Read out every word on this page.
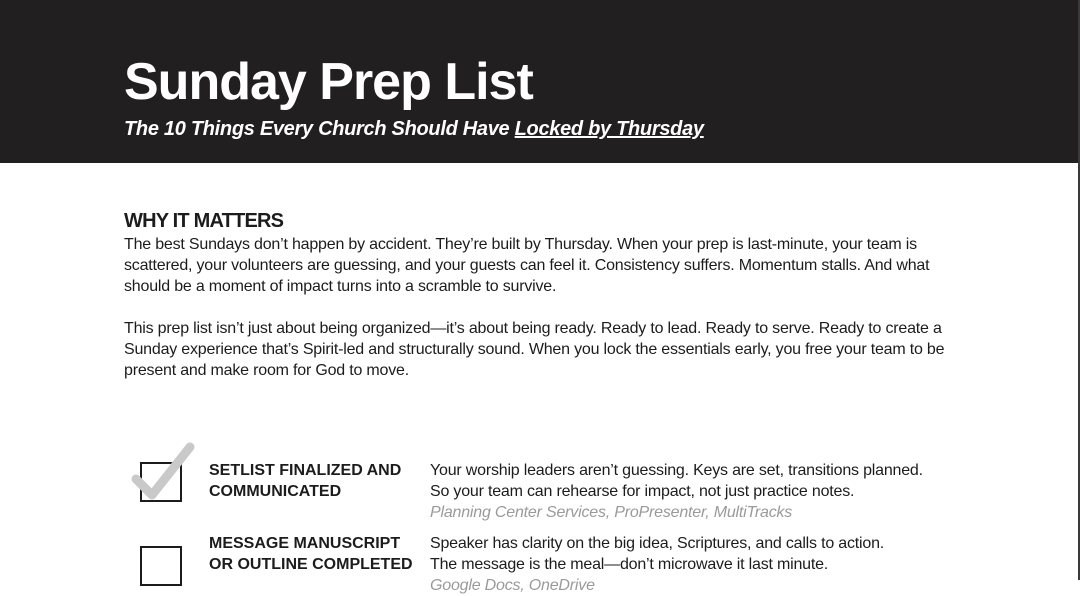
Sunday Prep List

The 10 Things Every Church Should Have Locked by Thursday

WHY IT MATTERS

The best Sundays don’t happen by accident. They’re built by Thursday. When your prep is last-minute, your team is scattered, your volunteers are guessing, and your guests can feel it. Consistency suffers. Momentum stalls. And what should be a moment of impact turns into a scramble to survive.

This prep list isn’t just about being organized—it’s about being ready. Ready to lead. Ready to serve. Ready to create a Sunday experience that’s Spirit-led and structurally sound. When you lock the essentials early, you free your team to be present and make room for God to move.

SETLIST FINALIZED AND COMMUNICATED

Your worship leaders aren’t guessing. Keys are set, transitions planned.
So your team can rehearse for impact, not just practice notes.
Planning Center Services, ProPresenter, MultiTracks

MESSAGE MANUSCRIPT OR OUTLINE COMPLETED

Speaker has clarity on the big idea, Scriptures, and calls to action.
The message is the meal—don’t microwave it last minute.
Google Docs, OneDrive
